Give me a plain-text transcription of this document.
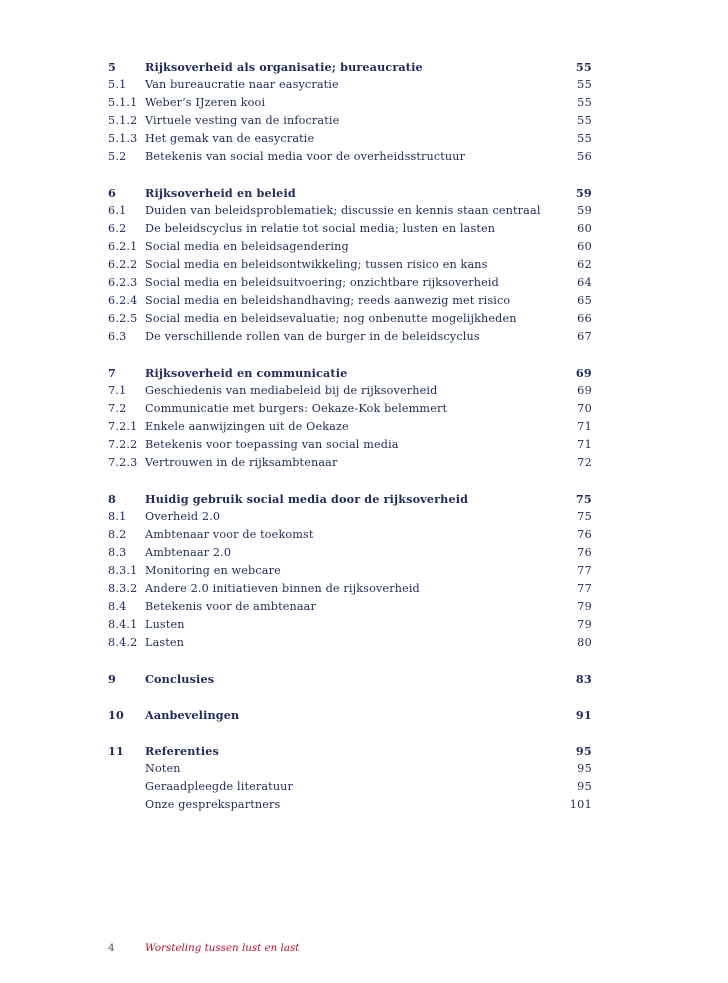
5	Rijksoverheid als organisatie; bureaucratie	55
5.1 Van bureaucratie naar easycratie	55
5.1.1 Weber’s IJzeren kooi	55
5.1.2 Virtuele vesting van de infocratie	55
5.1.3 Het gemak van de easycratie	55
5.2 Betekenis van social media voor de overheidsstructuur	56
6	Rijksoverheid en beleid	59
6.1 Duiden van beleidsproblematiek; discussie en kennis staan centraal	59
6.2 De beleidscyclus in relatie tot social media; lusten en lasten	60
6.2.1 Social media en beleidsagendering	60
6.2.2 Social media en beleidsontwikkeling; tussen risico en kans	62
6.2.3 Social media en beleidsuitvoering; onzichtbare rijksoverheid	64
6.2.4 Social media en beleidshandhaving; reeds aanwezig met risico	65
6.2.5 Social media en beleidsevaluatie; nog onbenutte mogelijkheden	66
6.3 De verschillende rollen van de burger in de beleidscyclus	67
7	Rijksoverheid en communicatie	69
7.1 Geschiedenis van mediabeleid bij de rijksoverheid	69
7.2 Communicatie met burgers: Oekaze-Kok belemmert	70
7.2.1 Enkele aanwijzingen uit de Oekaze	71
7.2.2 Betekenis voor toepassing van social media	71
7.2.3 Vertrouwen in de rijksambtenaar	72
8	Huidig gebruik social media door de rijksoverheid	75
8.1 Overheid 2.0	75
8.2 Ambtenaar voor de toekomst	76
8.3 Ambtenaar 2.0	76
8.3.1 Monitoring en webcare	77
8.3.2 Andere 2.0 initiatieven binnen de rijksoverheid	77
8.4 Betekenis voor de ambtenaar	79
8.4.1 Lusten	79
8.4.2 Lasten	80
9	Conclusies	83
10 Aanbevelingen	91
11 Referenties	95
Noten	95
Geraadpleegde literatuur	95
Onze gesprekspartners	101
4	Worsteling tussen lust en last
